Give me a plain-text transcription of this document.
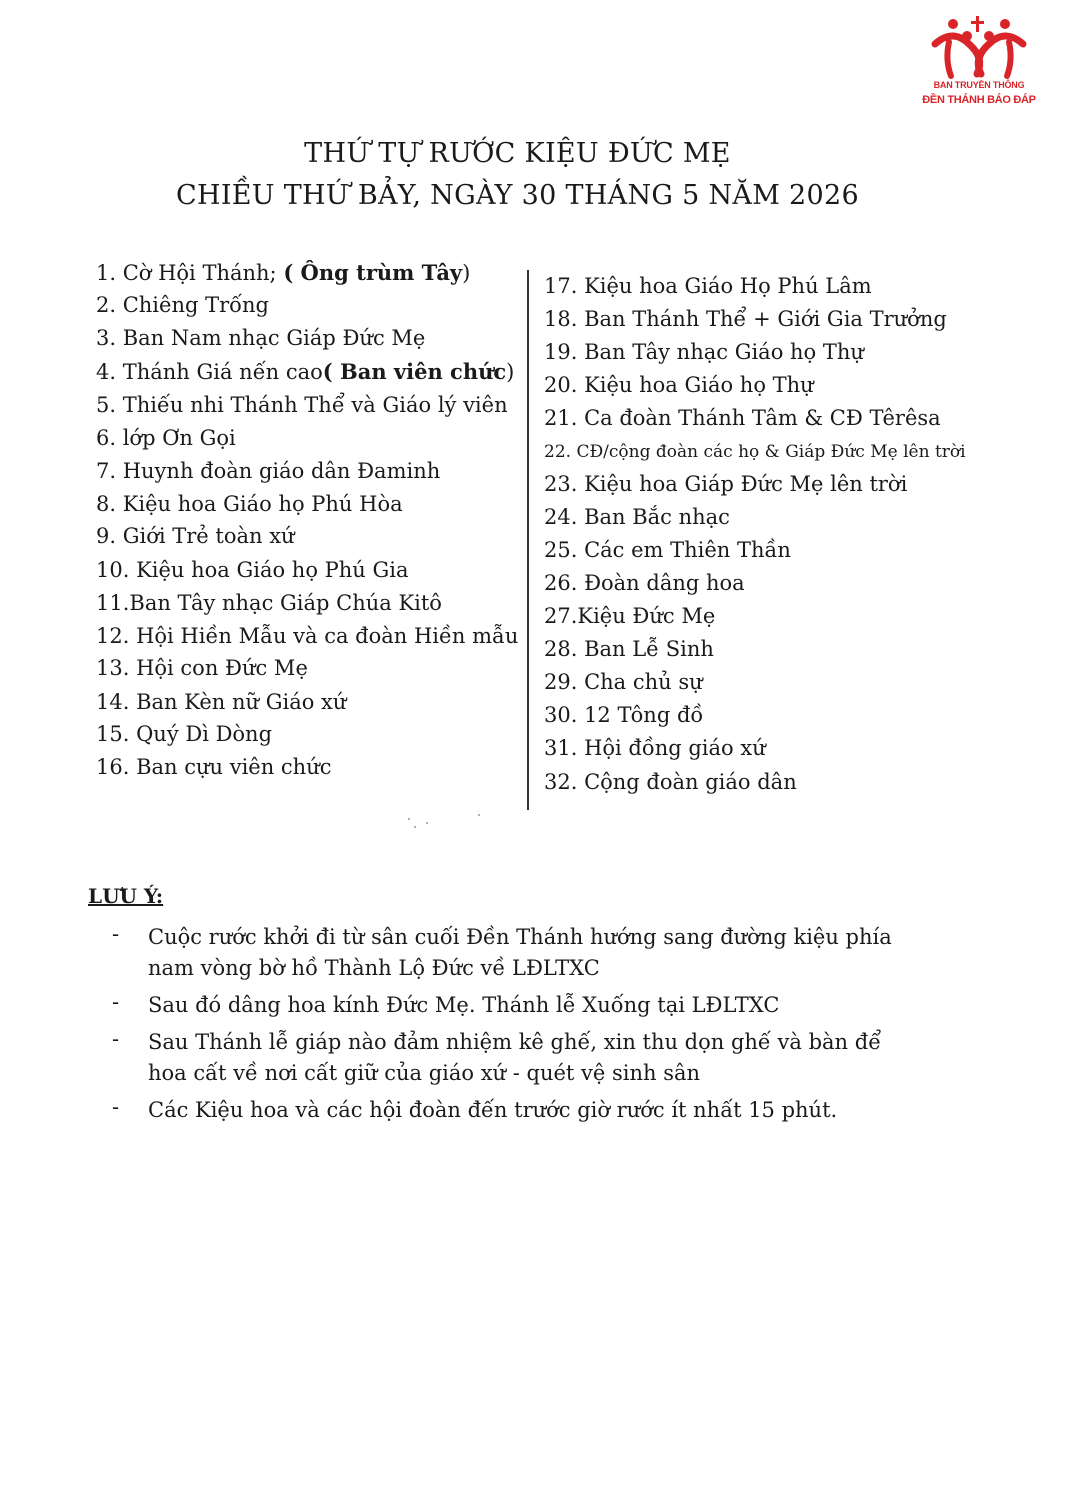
BAN TRUYỀN THÔNG
ĐỀN THÁNH BÁO ĐÁP
THỨ TỰ RƯỚC KIỆU ĐỨC MẸ
CHIỀU THỨ BẢY, NGÀY 30 THÁNG 5 NĂM 2026
1. Cờ Hội Thánh; ( Ông trùm Tây)
2. Chiêng Trống
3. Ban Nam nhạc Giáp Đức Mẹ
4. Thánh Giá nến cao( Ban viên chức)
5. Thiếu nhi Thánh Thể và Giáo lý viên
6. lớp Ơn Gọi
7. Huynh đoàn giáo dân Đaminh
8. Kiệu hoa Giáo họ Phú Hòa
9. Giới Trẻ toàn xứ
10. Kiệu hoa Giáo họ Phú Gia
11.Ban Tây nhạc Giáp Chúa Kitô
12. Hội Hiền Mẫu và ca đoàn Hiền mẫu
13. Hội con Đức Mẹ
14. Ban Kèn nữ Giáo xứ
15. Quý Dì Dòng
16. Ban cựu viên chức
17. Kiệu hoa Giáo Họ Phú Lâm
18. Ban Thánh Thể + Giới Gia Trưởng
19. Ban Tây nhạc Giáo họ Thự
20. Kiệu hoa Giáo họ Thự
21. Ca đoàn Thánh Tâm & CĐ Têrêsa
22. CĐ/cộng đoàn các họ & Giáp Đức Mẹ lên trời
23. Kiệu hoa Giáp Đức Mẹ lên trời
24. Ban Bắc nhạc
25. Các em Thiên Thần
26. Đoàn dâng hoa
27.Kiệu Đức Mẹ
28. Ban Lễ Sinh
29. Cha chủ sự
30. 12 Tông đồ
31. Hội đồng giáo xứ
32. Cộng đoàn giáo dân
LƯU Ý:
-	Cuộc rước khởi đi từ sân cuối Đền Thánh hướng sang đường kiệu phía nam vòng bờ hồ Thành Lộ Đức về LĐLTXC
-	Sau đó dâng hoa kính Đức Mẹ. Thánh lễ Xuống tại LĐLTXC
-	Sau Thánh lễ giáp nào đảm nhiệm kê ghế, xin thu dọn ghế và bàn để hoa cất về nơi cất giữ của giáo xứ - quét vệ sinh sân
-	Các Kiệu hoa và các hội đoàn đến trước giờ rước ít nhất 15 phút.
